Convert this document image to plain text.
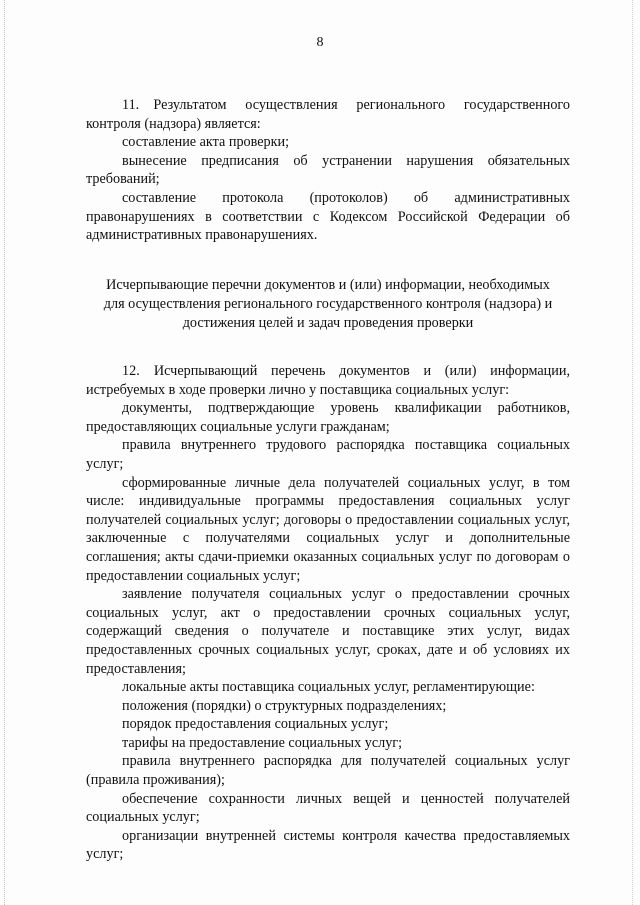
8

11. Результатом осуществления регионального государственного контроля (надзора) является:

составление акта проверки;

вынесение предписания об устранении нарушения обязательных требований;

составление протокола (протоколов) об административных правонарушениях в соответствии с Кодексом Российской Федерации об административных правонарушениях.

Исчерпывающие перечни документов и (или) информации, необходимых
для осуществления регионального государственного контроля (надзора) и
достижения целей и задач проведения проверки

12. Исчерпывающий перечень документов и (или) информации, истребуемых в ходе проверки лично у поставщика социальных услуг:

документы, подтверждающие уровень квалификации работников, предоставляющих социальные услуги гражданам;

правила внутреннего трудового распорядка поставщика социальных услуг;

сформированные личные дела получателей социальных услуг, в том числе: индивидуальные программы предоставления социальных услуг получателей социальных услуг; договоры о предоставлении социальных услуг, заключенные с получателями социальных услуг и дополнительные соглашения; акты сдачи-приемки оказанных социальных услуг по договорам о предоставлении социальных услуг;

заявление получателя социальных услуг о предоставлении срочных социальных услуг, акт о предоставлении срочных социальных услуг, содержащий сведения о получателе и поставщике этих услуг, видах предоставленных срочных социальных услуг, сроках, дате и об условиях их предоставления;

локальные акты поставщика социальных услуг, регламентирующие:

положения (порядки) о структурных подразделениях;

порядок предоставления социальных услуг;

тарифы на предоставление социальных услуг;

правила внутреннего распорядка для получателей социальных услуг (правила проживания);

обеспечение сохранности личных вещей и ценностей получателей социальных услуг;

организации внутренней системы контроля качества предоставляемых услуг;
